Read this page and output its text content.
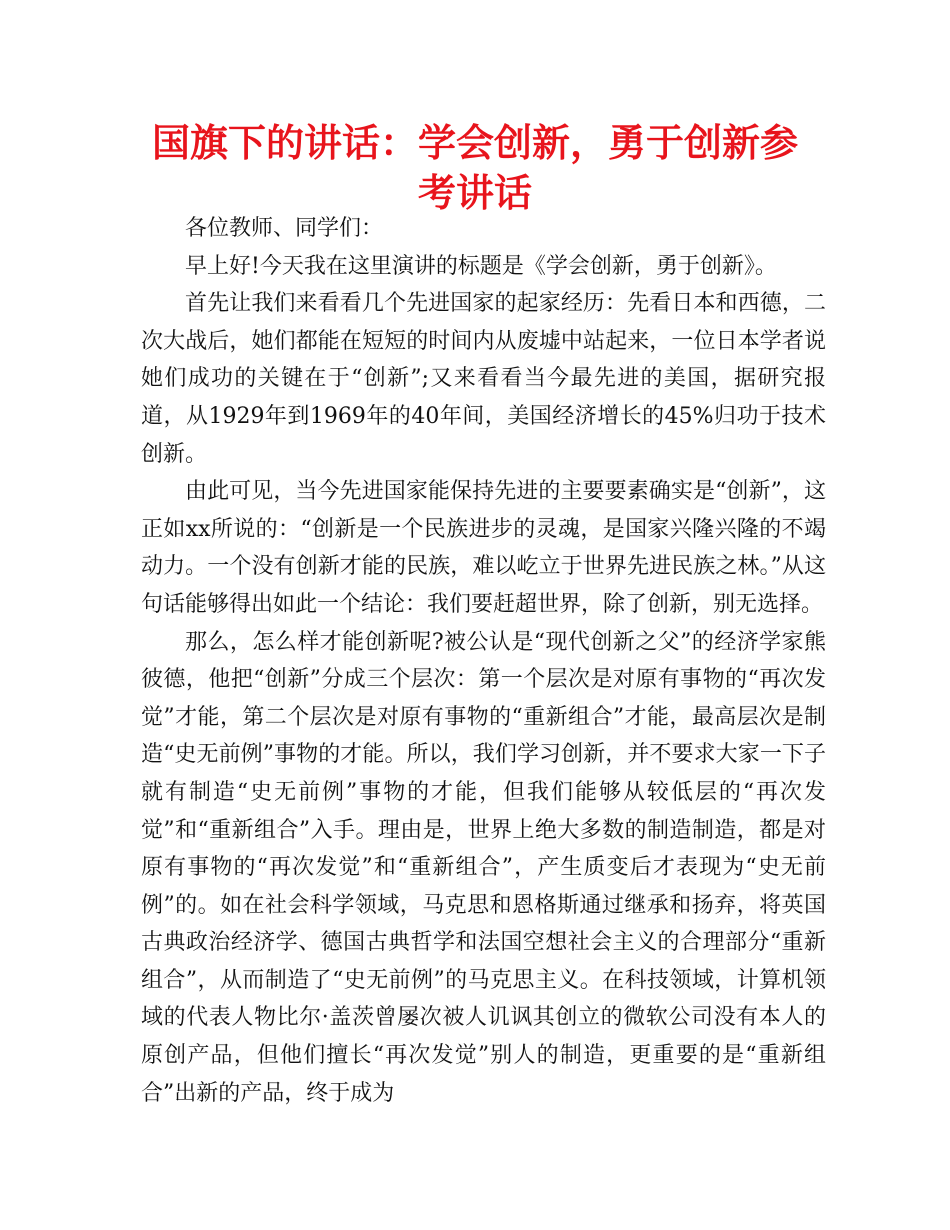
国旗下的讲话：学会创新，勇于创新参考讲话

各位教师、同学们：

早上好!今天我在这里演讲的标题是《学会创新，勇于创新》。

首先让我们来看看几个先进国家的起家经历：先看日本和西德，二次大战后，她们都能在短短的时间内从废墟中站起来，一位日本学者说她们成功的关键在于“创新”;又来看看当今最先进的美国，据研究报道，从1929年到1969年的40年间，美国经济增长的45%归功于技术创新。

由此可见，当今先进国家能保持先进的主要要素确实是“创新”，这正如xx所说的：“创新是一个民族进步的灵魂，是国家兴隆兴隆的不竭动力。一个没有创新才能的民族，难以屹立于世界先进民族之林。”从这句话能够得出如此一个结论：我们要赶超世界，除了创新，别无选择。

那么，怎么样才能创新呢?被公认是“现代创新之父”的经济学家熊彼德，他把“创新”分成三个层次：第一个层次是对原有事物的“再次发觉”才能，第二个层次是对原有事物的“重新组合”才能，最高层次是制造“史无前例”事物的才能。所以，我们学习创新，并不要求大家一下子就有制造“史无前例”事物的才能，但我们能够从较低层的“再次发觉”和“重新组合”入手。理由是，世界上绝大多数的制造制造，都是对原有事物的“再次发觉”和“重新组合”，产生质变后才表现为“史无前例”的。如在社会科学领域，马克思和恩格斯通过继承和扬弃，将英国古典政治经济学、德国古典哲学和法国空想社会主义的合理部分“重新组合”，从而制造了“史无前例”的马克思主义。在科技领域，计算机领域的代表人物比尔·盖茨曾屡次被人讥讽其创立的微软公司没有本人的原创产品，但他们擅长“再次发觉”别人的制造，更重要的是“重新组合”出新的产品，终于成为
